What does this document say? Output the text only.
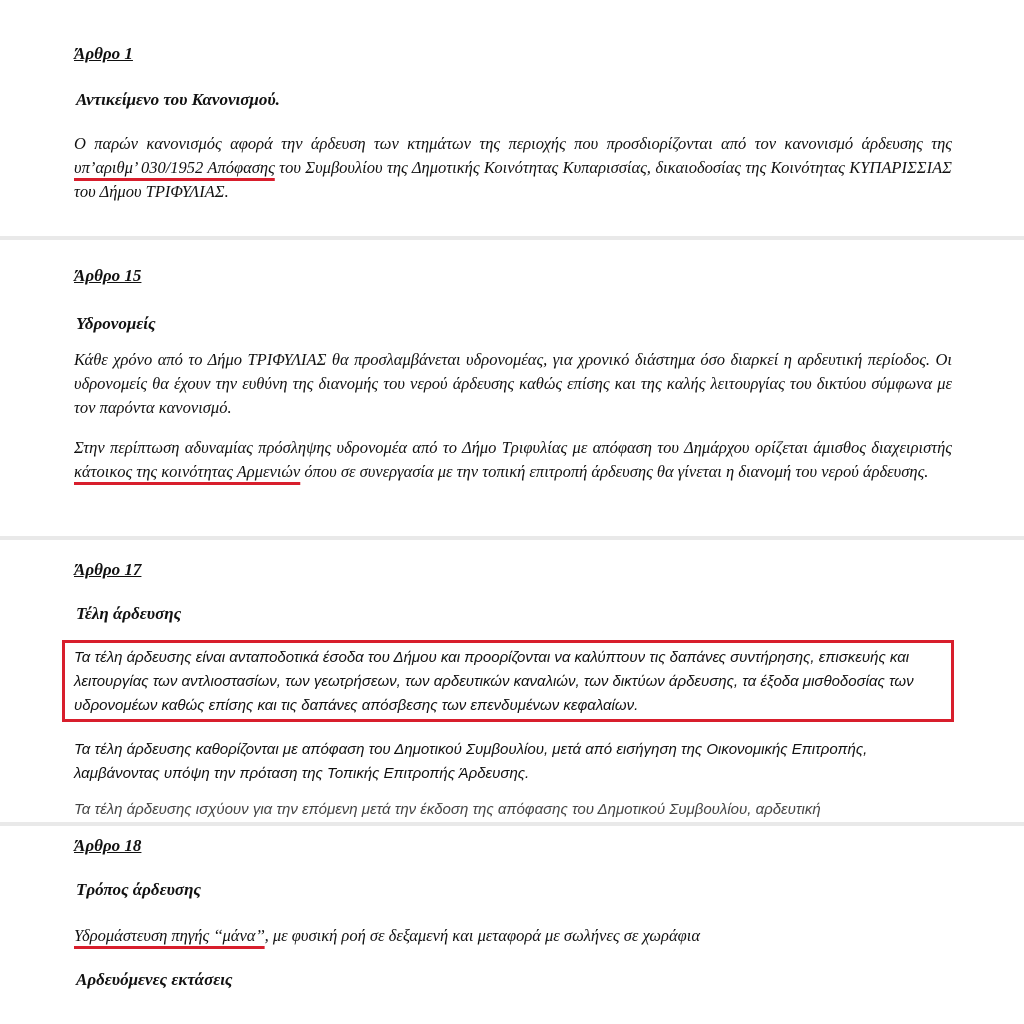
Άρθρο 1
Αντικείμενο του Κανονισμού.

Ο παρών κανονισμός αφορά την άρδευση των κτημάτων της περιοχής που προσδιορίζονται από τον κανονισμό άρδευσης της υπ’αριθμ’ 030/1952 Απόφασης του Συμβουλίου της Δημοτικής Κοινότητας Κυπαρισσίας, δικαιοδοσίας της Κοινότητας ΚΥΠΑΡΙΣΣΙΑΣ του Δήμου ΤΡΙΦΥΛΙΑΣ.

Άρθρο 15
Υδρονομείς

Κάθε χρόνο από το Δήμο ΤΡΙΦΥΛΙΑΣ θα προσλαμβάνεται υδρονομέας, για χρονικό διάστημα όσο διαρκεί η αρδευτική περίοδος. Οι υδρονομείς θα έχουν την ευθύνη της διανομής του νερού άρδευσης καθώς επίσης και της καλής λειτουργίας του δικτύου σύμφωνα με τον παρόντα κανονισμό.

Στην περίπτωση αδυναμίας πρόσληψης υδρονομέα από το Δήμο Τριφυλίας με απόφαση του Δημάρχου ορίζεται άμισθος διαχειριστής κάτοικος της κοινότητας Αρμενιών όπου σε συνεργασία με την τοπική επιτροπή άρδευσης θα γίνεται η διανομή του νερού άρδευσης.

Άρθρο 17
Τέλη άρδευσης

Τα τέλη άρδευσης είναι ανταποδοτικά έσοδα του Δήμου και προορίζονται να καλύπτουν τις δαπάνες συντήρησης, επισκευής και λειτουργίας των αντλιοστασίων, των γεωτρήσεων, των αρδευτικών καναλιών, των δικτύων άρδευσης, τα έξοδα μισθοδοσίας των υδρονομέων καθώς επίσης και τις δαπάνες απόσβεσης των επενδυμένων κεφαλαίων.

Τα τέλη άρδευσης καθορίζονται με απόφαση του Δημοτικού Συμβουλίου, μετά από εισήγηση της Οικονομικής Επιτροπής, λαμβάνοντας υπόψη την πρόταση της Τοπικής Επιτροπής Άρδευσης.

Τα τέλη άρδευσης ισχύουν για την επόμενη μετά την έκδοση της απόφασης του Δημοτικού Συμβουλίου, αρδευτική
Άρθρο 18
Τρόπος άρδευσης

Υδρομάστευση πηγής ‘‘μάνα’’, με φυσική ροή σε δεξαμενή και μεταφορά με σωλήνες σε χωράφια

Αρδευόμενες εκτάσεις
